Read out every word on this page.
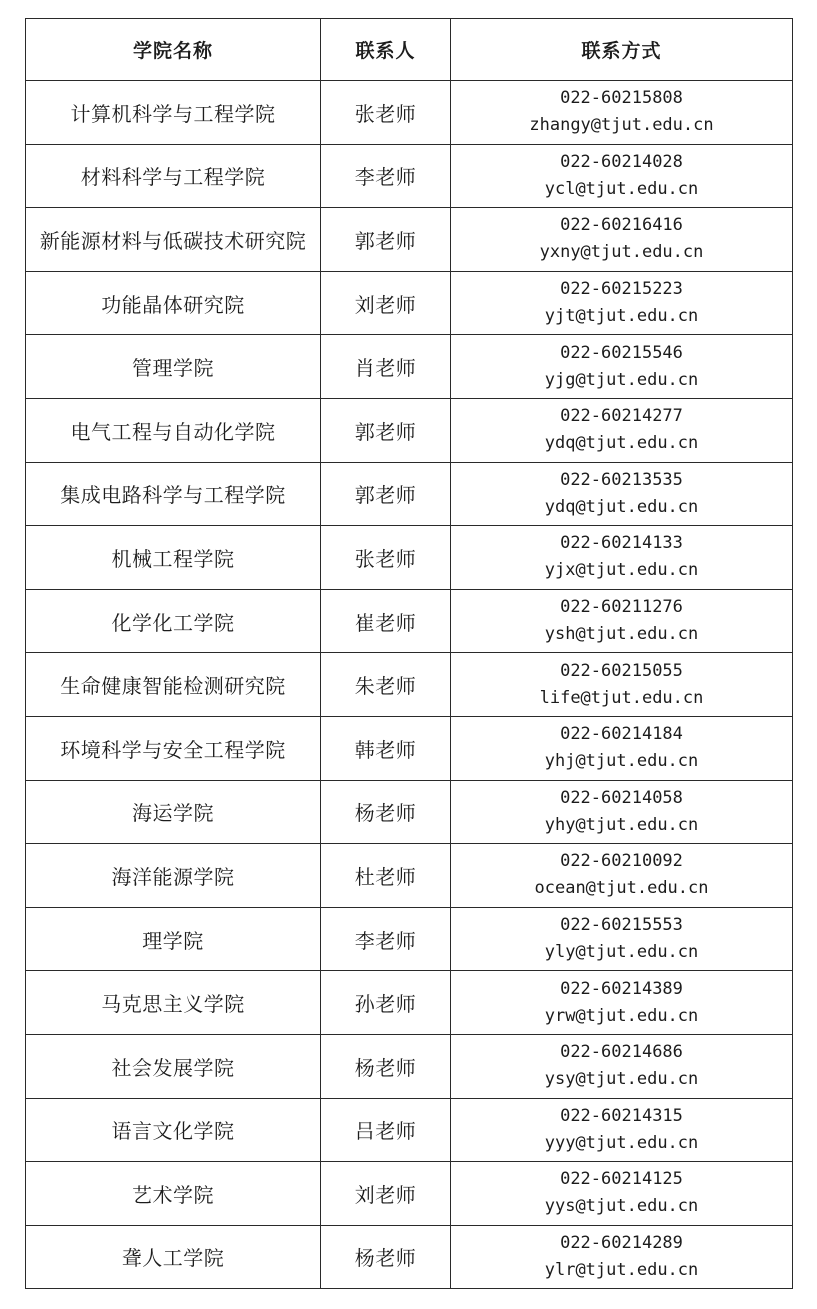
学院名称	联系人	联系方式
计算机科学与工程学院	张老师	022-60215808
zhangy@tjut.edu.cn

材料科学与工程学院	李老师	022-60214028
ycl@tjut.edu.cn

新能源材料与低碳技术研究院	郭老师	022-60216416
yxny@tjut.edu.cn

功能晶体研究院	刘老师	022-60215223
yjt@tjut.edu.cn

管理学院	肖老师	022-60215546
yjg@tjut.edu.cn

电气工程与自动化学院	郭老师	022-60214277
ydq@tjut.edu.cn

集成电路科学与工程学院	郭老师	022-60213535
ydq@tjut.edu.cn

机械工程学院	张老师	022-60214133
yjx@tjut.edu.cn

化学化工学院	崔老师	022-60211276
ysh@tjut.edu.cn

生命健康智能检测研究院	朱老师	022-60215055
life@tjut.edu.cn

环境科学与安全工程学院	韩老师	022-60214184
yhj@tjut.edu.cn

海运学院	杨老师	022-60214058
yhy@tjut.edu.cn

海洋能源学院	杜老师	022-60210092
ocean@tjut.edu.cn

理学院	李老师	022-60215553
yly@tjut.edu.cn

马克思主义学院	孙老师	022-60214389
yrw@tjut.edu.cn

社会发展学院	杨老师	022-60214686
ysy@tjut.edu.cn

语言文化学院	吕老师	022-60214315
yyy@tjut.edu.cn

艺术学院	刘老师	022-60214125
yys@tjut.edu.cn

聋人工学院	杨老师	022-60214289
ylr@tjut.edu.cn
